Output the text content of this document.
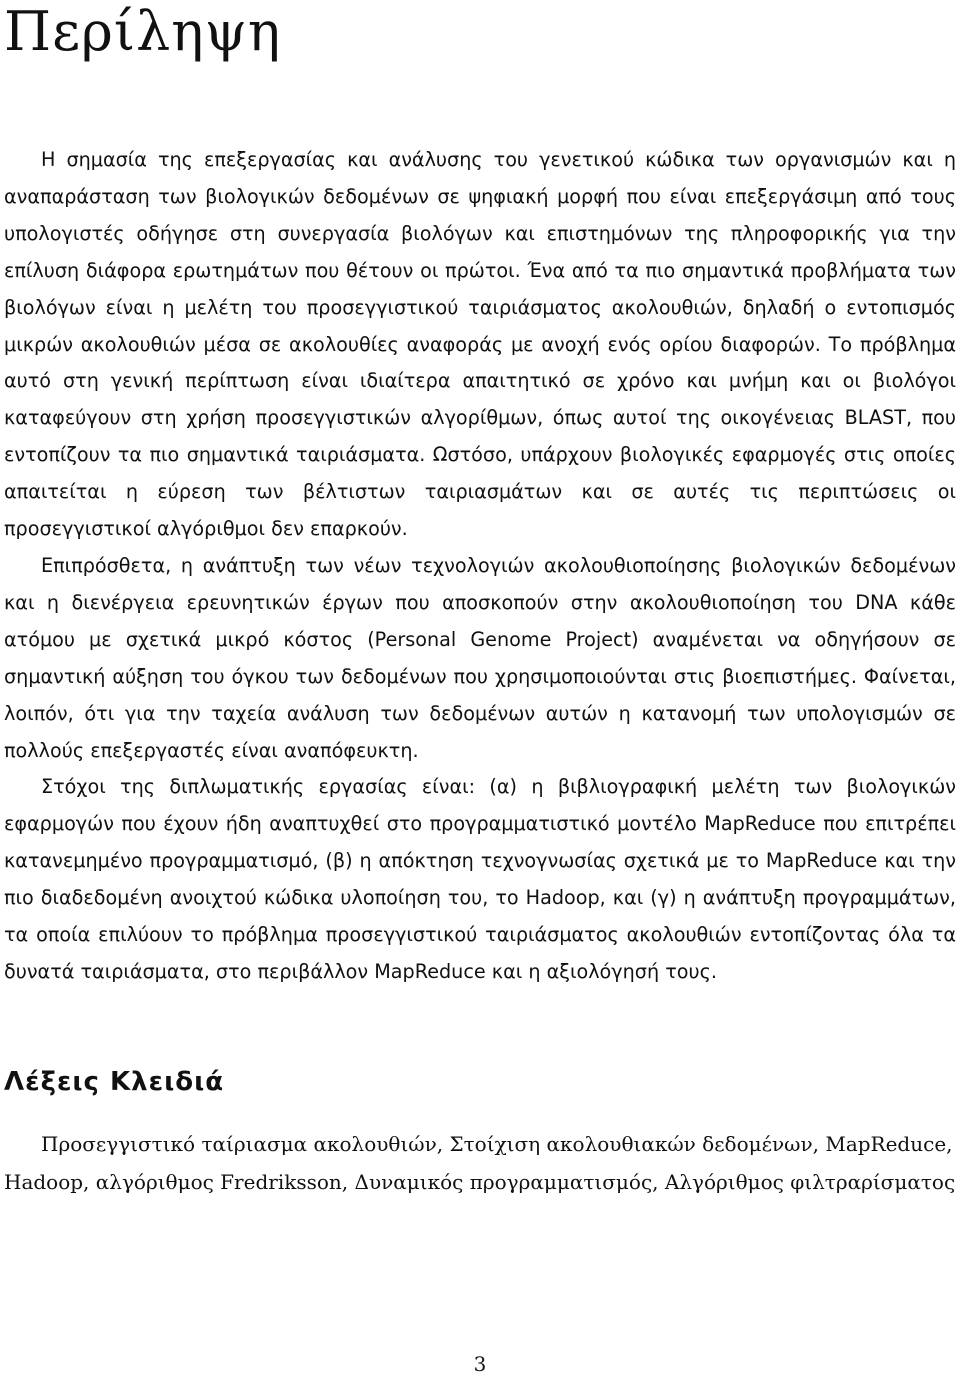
Περίληψη

Η σημασία της επεξεργασίας και ανάλυσης του γενετικού κώδικα των οργανισμών και η αναπαράσταση των βιολογικών δεδομένων σε ψηφιακή μορφή που είναι επεξεργάσιμη από τους υπολογιστές οδήγησε στη συνεργασία βιολόγων και επιστημόνων της πληροφορικής για την επίλυση διάφορα ερωτημάτων που θέτουν οι πρώτοι. Ένα από τα πιο σημαντικά προβλήματα των βιολόγων είναι η μελέτη του προσεγγιστικού ταιριάσματος ακολουθιών, δηλαδή ο εντοπισμός μικρών ακολουθιών μέσα σε ακολουθίες αναφοράς με ανοχή ενός ορίου διαφορών. Το πρόβλημα αυτό στη γενική περίπτωση είναι ιδιαίτερα απαιτητικό σε χρόνο και μνήμη και οι βιολόγοι καταφεύγουν στη χρήση προσεγγιστικών αλγορίθμων, όπως αυτοί της οικογένειας BLAST, που εντοπίζουν τα πιο σημαντικά ταιριάσματα. Ωστόσο, υπάρχουν βιολογικές εφαρμογές στις οποίες απαιτείται η εύρεση των βέλτιστων ταιριασμάτων και σε αυτές τις περιπτώσεις οι προσεγγιστικοί αλγόριθμοι δεν επαρκούν.

Επιπρόσθετα, η ανάπτυξη των νέων τεχνολογιών ακολουθιοποίησης βιολογικών δεδομένων και η διενέργεια ερευνητικών έργων που αποσκοπούν στην ακολουθιοποίηση του DNA κάθε ατόμου με σχετικά μικρό κόστος (Personal Genome Project) αναμένεται να οδηγήσουν σε σημαντική αύξηση του όγκου των δεδομένων που χρησιμοποιούνται στις βιοεπιστήμες. Φαίνεται, λοιπόν, ότι για την ταχεία ανάλυση των δεδομένων αυτών η κατανομή των υπολογισμών σε πολλούς επεξεργαστές είναι αναπόφευκτη.

Στόχοι της διπλωματικής εργασίας είναι: (α) η βιβλιογραφική μελέτη των βιολογικών εφαρμογών που έχουν ήδη αναπτυχθεί στο προγραμματιστικό μοντέλο MapReduce που επιτρέπει κατανεμημένο προγραμματισμό, (β) η απόκτηση τεχνογνωσίας σχετικά με το MapReduce και την πιο διαδεδομένη ανοιχτού κώδικα υλοποίηση του, το Hadoop, και (γ) η ανάπτυξη προγραμμάτων, τα οποία επιλύουν το πρόβλημα προσεγγιστικού ταιριάσματος ακολουθιών εντοπίζοντας όλα τα δυνατά ταιριάσματα, στο περιβάλλον MapReduce και η αξιολόγησή τους.

Λέξεις Κλειδιά

Προσεγγιστικό ταίριασμα ακολουθιών, Στοίχιση ακολουθιακών δεδομένων, MapReduce, Hadoop, αλγόριθμος Fredriksson, Δυναμικός προγραμματισμός, Αλγόριθμος φιλτραρίσματος

3
